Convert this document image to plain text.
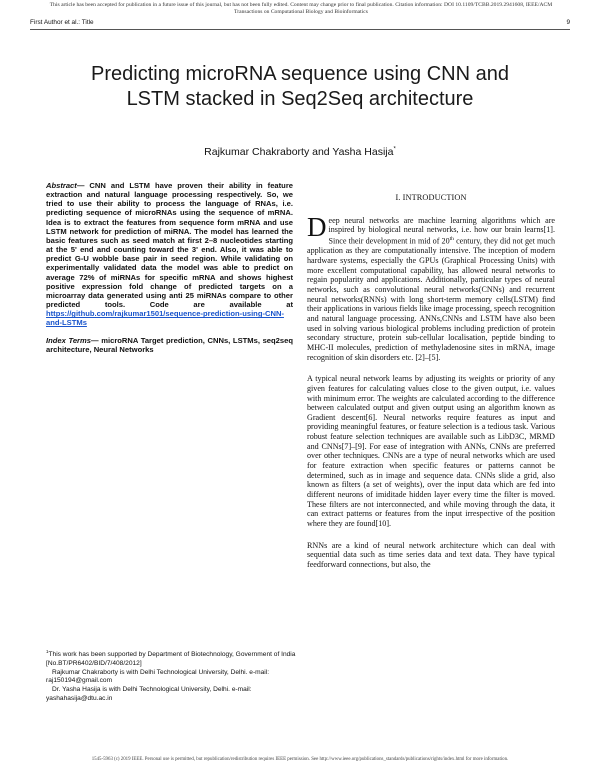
This article has been accepted for publication in a future issue of this journal, but has not been fully edited. Content may change prior to final publication. Citation information: DOI 10.1109/TCBB.2019.2941608, IEEE/ACM
Transactions on Computational Biology and Bioinformatics
First Author et al.: Title	9
Predicting microRNA sequence using CNN and
LSTM stacked in Seq2Seq architecture
Rajkumar Chakraborty and Yasha Hasija*
Abstract— CNN and LSTM have proven their ability in feature extraction and natural language processing respectively. So, we tried to use their ability to process the language of RNAs, i.e. predicting sequence of microRNAs using the sequence of mRNA. Idea is to extract the features from sequence form mRNA and use LSTM network for prediction of miRNA. The model has learned the basic features such as seed match at first 2–8 nucleotides starting at the 5' end and counting toward the 3' end. Also, it was able to predict G-U wobble base pair in seed region. While validating on experimentally validated data the model was able to predict on average 72% of miRNAs for specific mRNA and shows highest positive expression fold change of predicted targets on a microarray data generated using anti 25 miRNAs compare to other predicted tools. Code are available at https://github.com/rajkumar1501/sequence-prediction-using-CNN-and-LSTMs
Index Terms— microRNA Target prediction, CNNs, LSTMs, seq2seq architecture, Neural Networks

$^1$This work has been supported by Department of Biotechnology, Government of India [No.BT/PR6402/BID/7/408/2012]

Rajkumar Chakraborty is with Delhi Technological University, Delhi. e-mail: raj150194@gmail.com

Dr. Yasha Hasija is with Delhi Technological University, Delhi. e-mail: yashahasija@dtu.ac.in

I. INTRODUCTION

Deep neural networks are machine learning algorithms which are inspired by biological neural networks, i.e. how our brain learns[1]. Since their development in mid of 20th century, they did not get much application as they are computationally intensive. The inception of modern hardware systems, especially the GPUs (Graphical Processing Units) with more excellent computational capability, has allowed neural networks to regain popularity and applications. Additionally, particular types of neural networks, such as convolutional neural networks(CNNs) and recurrent neural networks(RNNs) with long short-term memory cells(LSTM) find their applications in various fields like image processing, speech recognition and natural language processing. ANNs,CNNs and LSTM have also been used in solving various biological problems including prediction of protein secondary structure, protein sub-cellular localisation, peptide binding to MHC-II molecules, prediction of methyladenosine sites in mRNA, image recognition of skin disorders etc. [2]–[5].

A typical neural network learns by adjusting its weights or priority of any given features for calculating values close to the given output, i.e. values with minimum error. The weights are calculated according to the difference between calculated output and given output using an algorithm known as Gradient descent[6]. Neural networks require features as input and providing meaningful features, or feature selection is a tedious task. Various robust feature selection techniques are available such as LibD3C, MRMD and CNNs[7]–[9]. For ease of integration with ANNs, CNNs are preferred over other techniques. CNNs are a type of neural networks which are used for feature extraction when specific features or patterns cannot be determined, such as in image and sequence data. CNNs slide a grid, also known as filters (a set of weights), over the input data which are fed into different neurons of imiditade hidden layer every time the filter is moved. These filters are not interconnected, and while moving through the data, it can extract patterns or features from the input irrespective of the position where they are found[10].

RNNs are a kind of neural network architecture which can deal with sequential data such as time series data and text data. They have typical feedforward connections, but also, the

1545-5963 (c) 2019 IEEE. Personal use is permitted, but republication/redistribution requires IEEE permission. See http://www.ieee.org/publications_standards/publications/rights/index.html for more information.
